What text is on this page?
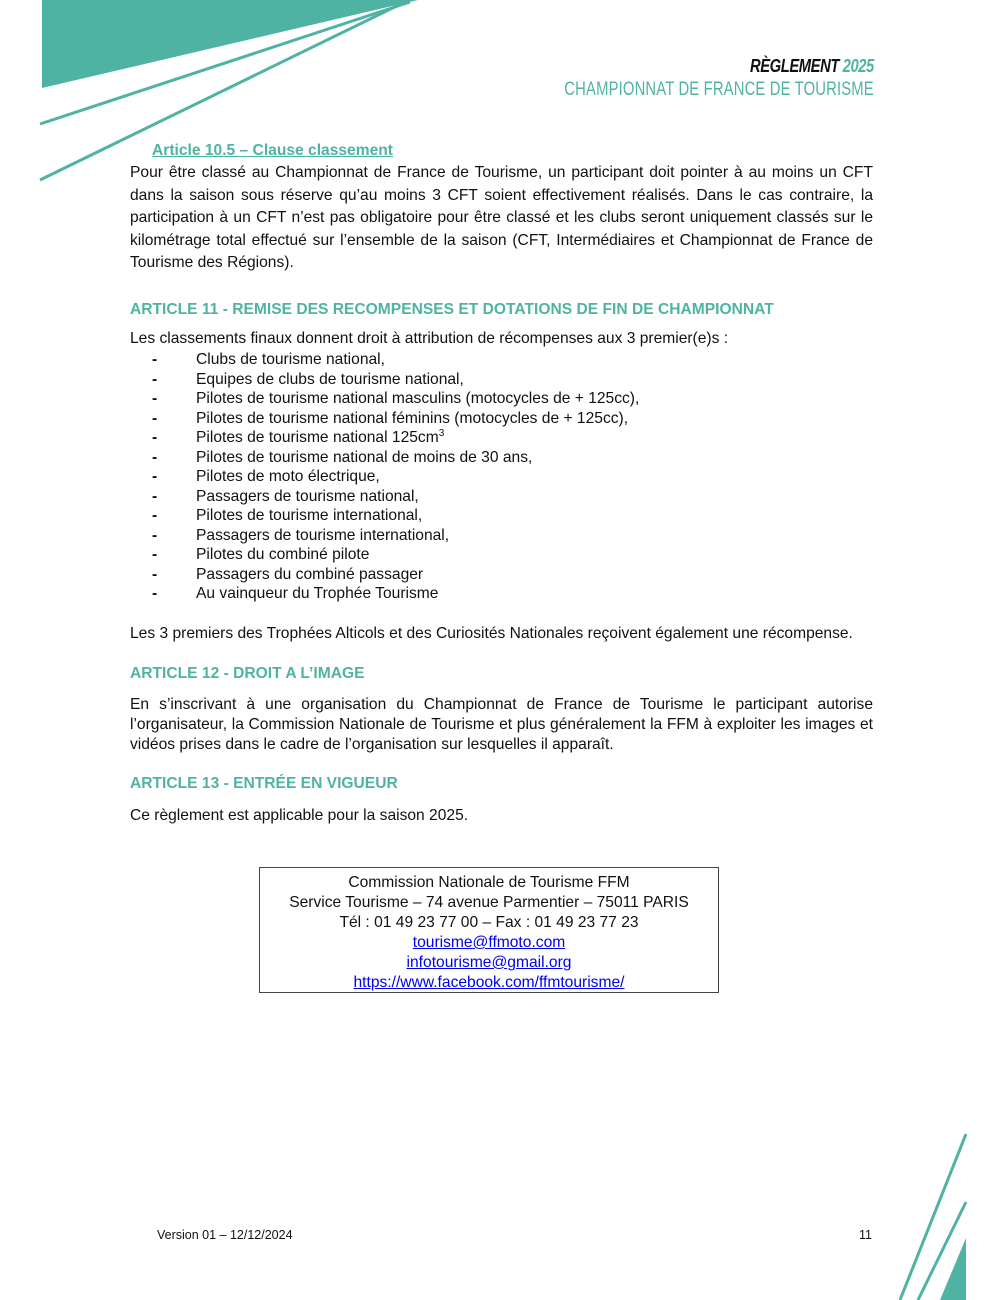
RÈGLEMENT 2025
CHAMPIONNAT DE FRANCE DE TOURISME
Article 10.5 – Clause classement

Pour être classé au Championnat de France de Tourisme, un participant doit pointer à au moins un CFT dans la saison sous réserve qu’au moins 3 CFT soient effectivement réalisés. Dans le cas contraire, la participation à un CFT n’est pas obligatoire pour être classé et les clubs seront uniquement classés sur le kilométrage total effectué sur l’ensemble de la saison (CFT, Intermédiaires et Championnat de France de Tourisme des Régions).

ARTICLE 11 - REMISE DES RECOMPENSES ET DOTATIONS DE FIN DE CHAMPIONNAT

Les classements finaux donnent droit à attribution de récompenses aux 3 premier(e)s :

- Clubs de tourisme national,
- Equipes de clubs de tourisme national,
- Pilotes de tourisme national masculins (motocycles de + 125cc),
- Pilotes de tourisme national féminins (motocycles de + 125cc),
- Pilotes de tourisme national $125cm^3$
- Pilotes de tourisme national de moins de 30 ans,
- Pilotes de moto électrique,
- Passagers de tourisme national,
- Pilotes de tourisme international,
- Passagers de tourisme international,
- Pilotes du combiné pilote
- Passagers du combiné passager
- Au vainqueur du Trophée Tourisme

Les 3 premiers des Trophées Alticols et des Curiosités Nationales reçoivent également une récompense.

ARTICLE 12 - DROIT A L’IMAGE

En s’inscrivant à une organisation du Championnat de France de Tourisme le participant autorise l’organisateur, la Commission Nationale de Tourisme et plus généralement la FFM à exploiter les images et vidéos prises dans le cadre de l’organisation sur lesquelles il apparaît.

ARTICLE 13 - ENTRÉE EN VIGUEUR

Ce règlement est applicable pour la saison 2025.

Commission Nationale de Tourisme FFM
Service Tourisme – 74 avenue Parmentier – 75011 PARIS
Tél : 01 49 23 77 00 – Fax : 01 49 23 77 23
tourisme@ffmoto.com
infotourisme@gmail.org
https://www.facebook.com/ffmtourisme/
Version 01 – 12/12/2024	11
